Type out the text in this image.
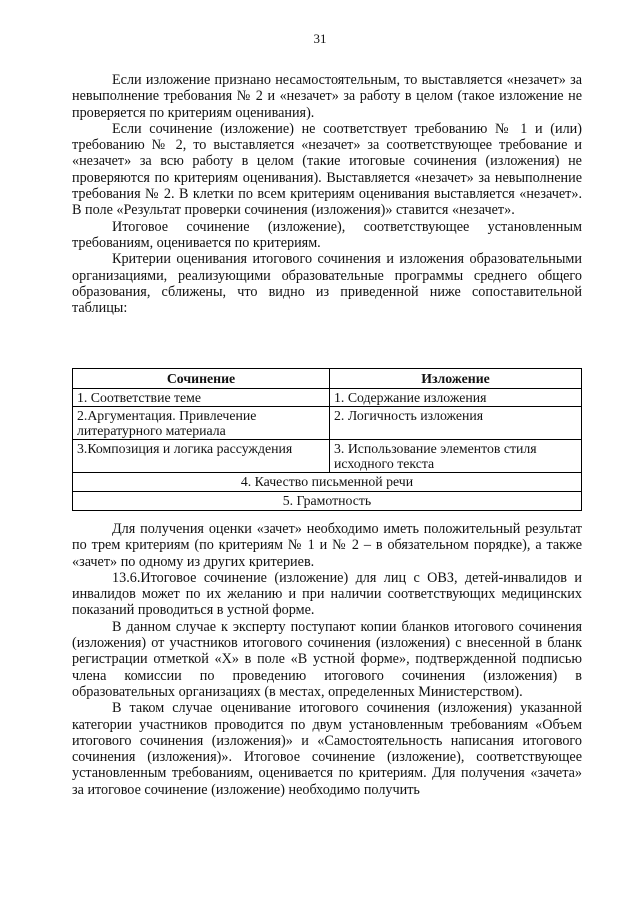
31

Если изложение признано несамостоятельным, то выставляется «незачет» за невыполнение требования № 2 и «незачет» за работу в целом (такое изложение не проверяется по критериям оценивания).

Если сочинение (изложение) не соответствует требованию № 1 и (или) требованию № 2, то выставляется «незачет» за соответствующее требование и «незачет» за всю работу в целом (такие итоговые сочинения (изложения) не проверяются по критериям оценивания). Выставляется «незачет» за невыполнение требования № 2. В клетки по всем критериям оценивания выставляется «незачет». В поле «Результат проверки сочинения (изложения)» ставится «незачет».

Итоговое сочинение (изложение), соответствующее установленным требованиям, оценивается по критериям.

Критерии оценивания итогового сочинения и изложения образовательными организациями, реализующими образовательные программы среднего общего образования, сближены, что видно из приведенной ниже сопоставительной таблицы:

Сочинение	Изложение
1. Соответствие теме	1. Содержание изложения
2.Аргументация. Привлечение литературного материала	2. Логичность изложения
3.Композиция и логика рассуждения	3. Использование элементов стиля исходного текста
4. Качество письменной речи	
5. Грамотность	

Для получения оценки «зачет» необходимо иметь положительный результат по трем критериям (по критериям № 1 и № 2 – в обязательном порядке), а также «зачет» по одному из других критериев.

13.6.Итоговое сочинение (изложение) для лиц с ОВЗ, детей-инвалидов и инвалидов может по их желанию и при наличии соответствующих медицинских показаний проводиться в устной форме.

В данном случае к эксперту поступают копии бланков итогового сочинения (изложения) от участников итогового сочинения (изложения) с внесенной в бланк регистрации отметкой «Х» в поле «В устной форме», подтвержденной подписью члена комиссии по проведению итогового сочинения (изложения) в образовательных организациях (в местах, определенных Министерством).

В таком случае оценивание итогового сочинения (изложения) указанной категории участников проводится по двум установленным требованиям «Объем итогового сочинения (изложения)» и «Самостоятельность написания итогового сочинения (изложения)». Итоговое сочинение (изложение), соответствующее установленным требованиям, оценивается по критериям. Для получения «зачета» за итоговое сочинение (изложение) необходимо получить
